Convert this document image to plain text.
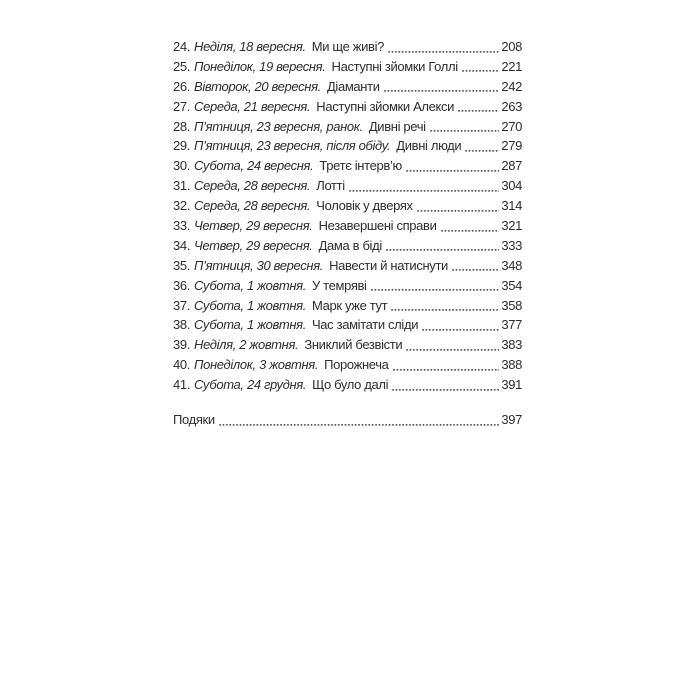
24. Неділя, 18 вересня. Ми ще живі?	208
25. Понеділок, 19 вересня. Наступні зйомки Голлі	221
26. Вівторок, 20 вересня. Діаманти	242
27. Середа, 21 вересня. Наступні зйомки Алекси	263
28. П’ятниця, 23 вересня, ранок. Дивні речі	270
29. П’ятниця, 23 вересня, після обіду. Дивні люди	279
30. Субота, 24 вересня. Третє інтерв’ю	287
31. Середа, 28 вересня. Лотті	304
32. Середа, 28 вересня. Чоловік у дверях	314
33. Четвер, 29 вересня. Незавершені справи	321
34. Четвер, 29 вересня. Дама в біді	333
35. П’ятниця, 30 вересня. Навести й натиснути	348
36. Субота, 1 жовтня. У темряві	354
37. Субота, 1 жовтня. Марк уже тут	358
38. Субота, 1 жовтня. Час замітати сліди	377
39. Неділя, 2 жовтня. Зниклий безвісти	383
40. Понеділок, 3 жовтня. Порожнеча	388
41. Субота, 24 грудня. Що було далі	391
Подяки	397
